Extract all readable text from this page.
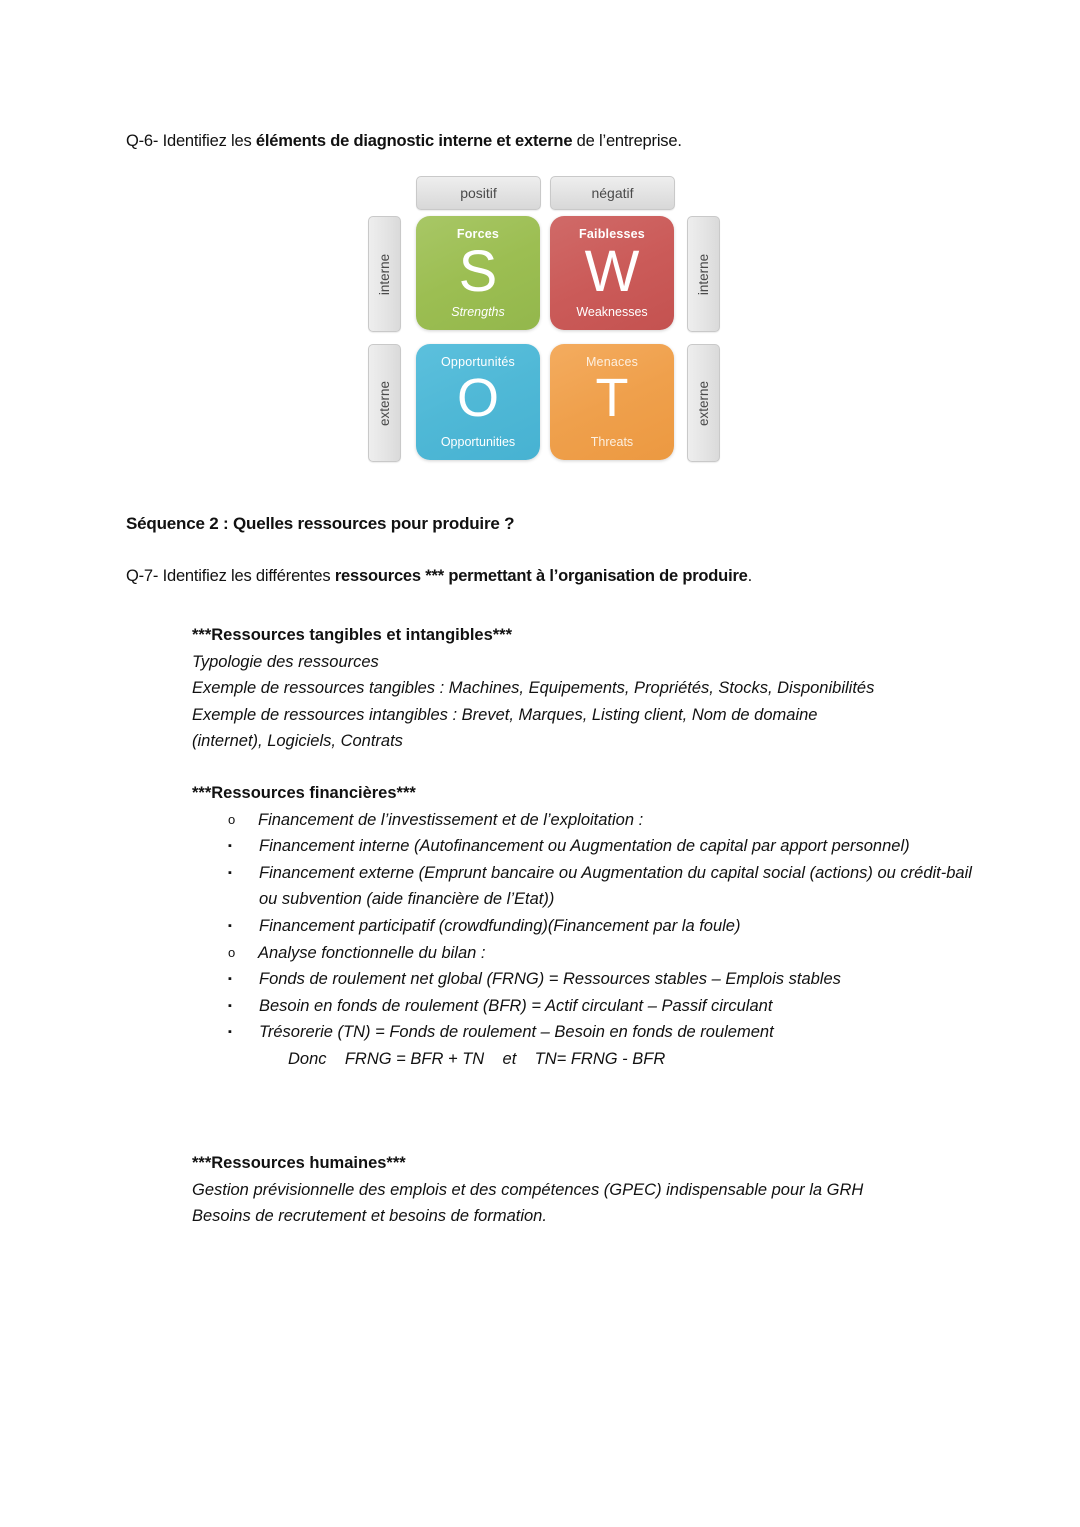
Q-6- Identifiez les éléments de diagnostic interne et externe de l’entreprise.
positif	négatif
interne
externe
interne
externe
Forces
S
Strengths
Faiblesses
W
Weaknesses
Opportunités
O
Opportunities
Menaces
T
Threats
Séquence 2 : Quelles ressources pour produire ?
Q-7- Identifiez les différentes ressources *** permettant à l’organisation de produire.

***Ressources tangibles et intangibles***

Typologie des ressources

Exemple de ressources tangibles : Machines, Equipements, Propriétés, Stocks, Disponibilités

Exemple de ressources intangibles : Brevet, Marques, Listing client, Nom de domaine

(internet), Logiciels, Contrats

***Ressources financières***

o Financement de l’investissement et de l’exploitation :
▪ Financement interne (Autofinancement ou Augmentation de capital par apport personnel)
▪ Financement externe (Emprunt bancaire ou Augmentation du capital social (actions) ou crédit-bail ou subvention (aide financière de l’Etat))
▪ Financement participatif (crowdfunding)(Financement par la foule)
o Analyse fonctionnelle du bilan :
▪ Fonds de roulement net global (FRNG) = Ressources stables – Emplois stables
▪ Besoin en fonds de roulement (BFR) = Actif circulant – Passif circulant
▪ Trésorerie (TN) = Fonds de roulement – Besoin en fonds de roulement

Donc    FRNG = BFR + TN    et    TN= FRNG - BFR

***Ressources humaines***

Gestion prévisionnelle des emplois et des compétences (GPEC) indispensable pour la GRH

Besoins de recrutement et besoins de formation.
